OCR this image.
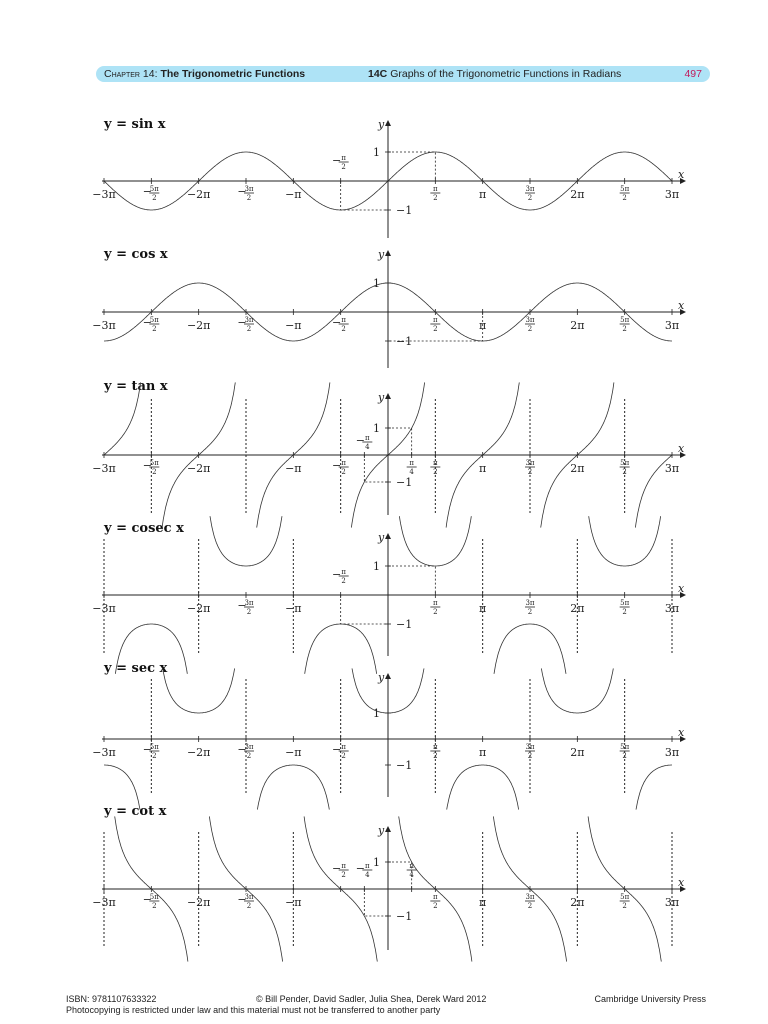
Chapter 14: The Trigonometric Functions	14C Graphs of the Trigonometric Functions in Radians	497
y = sin x
x
y
1
−1
−3π −
5π
2	−2π −
3π
2	−π
− π
2
π
2	π	3π
2	2π	5π
2	3π
y = cos x
x
y
1
−1
−3π −
5π
2	−2π −
3π
2	−π	− π
2
π
2	π	3π
2	2π	5π
2	3π
y = tan x
x
y
1
−1
−3π −
5π
2	−2π	−π	− π
2
− π
4
π
4
π
2	π	3π
2	2π	5π
2	3π
y = cosec x
x
y
1
−1
−3π	−2π −
3π
2	−π
− π
2
π
2	π	3π
2	2π	5π
2	3π
y = sec x
x
y
1
−1
−3π −
5π
2	−2π −
3π
2	−π	− π
2
π
2	π	3π
2	2π	5π
2	3π
y = cot x
x
y
1
−1
−3π −
5π
2	−2π −
3π
2	−π
− π
2 − π
4
π
4
π
2	π	3π
2	2π	5π
2	3π
ISBN: 9781107633322	© Bill Pender, David Sadler, Julia Shea, Derek Ward 2012	Cambridge University Press
Photocopying is restricted under law and this material must not be transferred to another party
